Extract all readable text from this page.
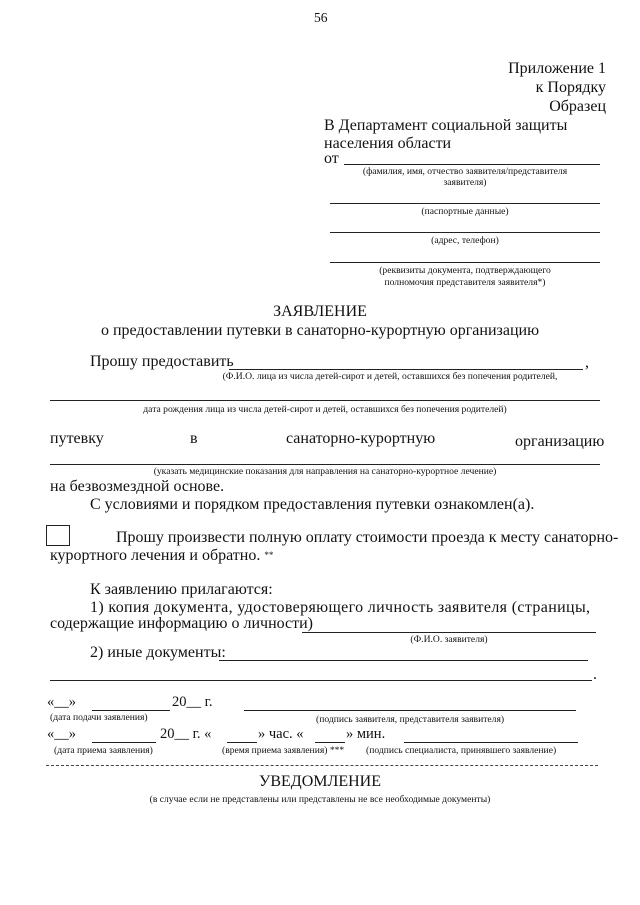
56
Приложение 1
к Порядку
Образец
В Департамент социальной защиты
населения области
от
(фамилия, имя, отчество заявителя/представителя
заявителя)
(паспортные данные)
(адрес, телефон)
(реквизиты документа, подтверждающего
полномочия представителя заявителя*)
ЗАЯВЛЕНИЕ
о предоставлении путевки в санаторно-курортную организацию
Прошу предоставить	,
(Ф.И.О. лица из числа детей-сирот и детей, оставшихся без попечения родителей,
дата рождения лица из числа детей-сирот и детей, оставшихся без попечения родителей)
путевку	в	санаторно-курортную	организацию
(указать медицинские показания для направления на санаторно-курортное лечение)
на безвозмездной основе.
С условиями и порядком предоставления путевки ознакомлен(а).
Прошу произвести полную оплату стоимости проезда к месту санаторно-
курортного лечения и обратно. **
К заявлению прилагаются:
1) копия документа, удостоверяющего личность заявителя (страницы,
содержащие информацию о личности)
(Ф.И.О. заявителя)
2) иные документы:
.
«__»	20__ г.
(дата подачи заявления)	(подпись заявителя, представителя заявителя)
«__»	20__ г. «	» час. «	» мин.
(дата приема заявления)	(время приема заявления) *** (подпись специалиста, принявшего заявление)
УВЕДОМЛЕНИЕ
(в случае если не представлены или представлены не все необходимые документы)
